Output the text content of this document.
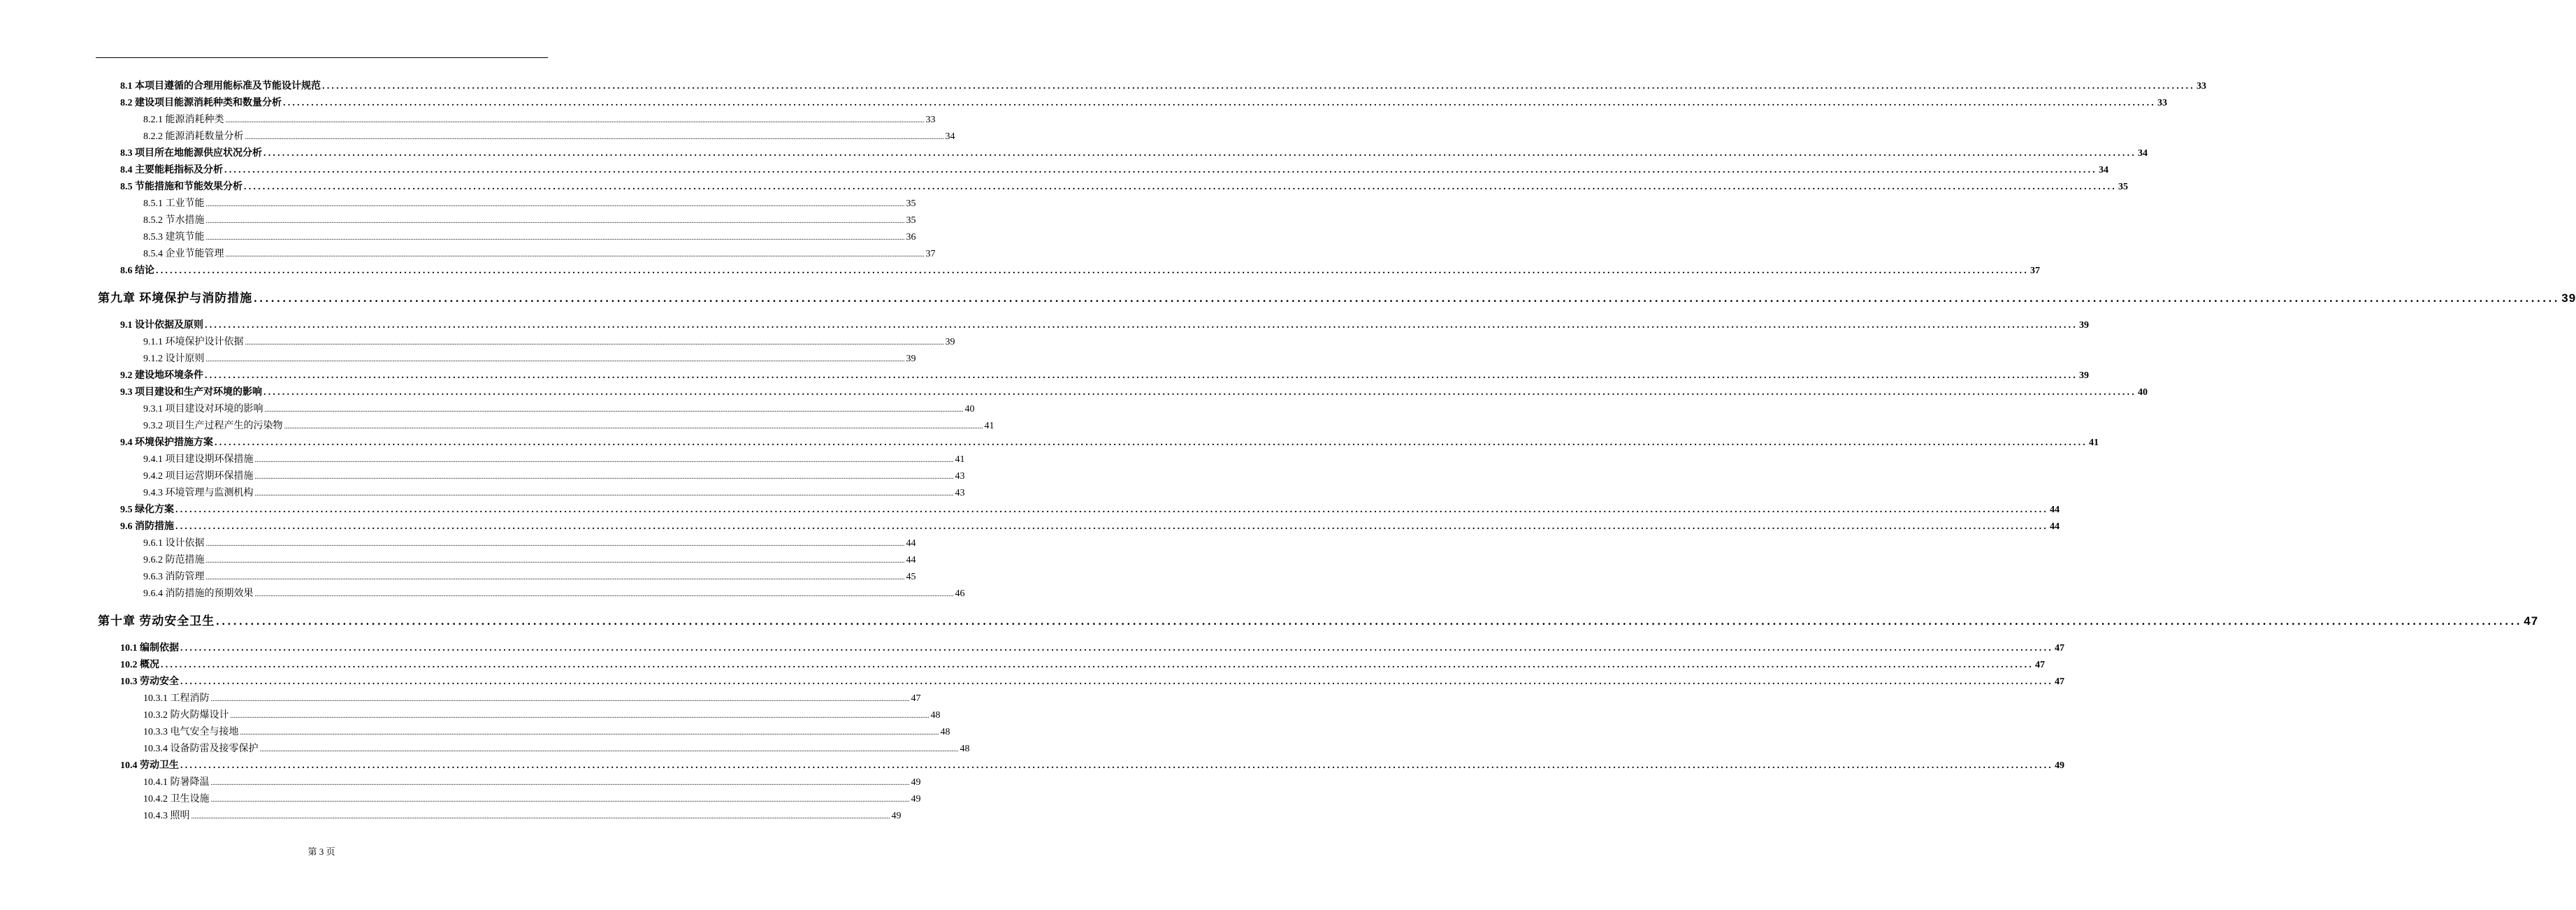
8.1 本项目遵循的合理用能标准及节能设计规范 ................................................................................................................................................................................................................................................................................................................................................................................................................ 33
8.2 建设项目能源消耗种类和数量分析 ................................................................................................................................................................................................................................................................................................................................................................................................................ 33
8.2.1 能源消耗种类 ................................................................................................................................................................................................................................................................................................................................................................................................................ 33
8.2.2 能源消耗数量分析 ................................................................................................................................................................................................................................................................................................................................................................................................................ 34
8.3 项目所在地能源供应状况分析 ................................................................................................................................................................................................................................................................................................................................................................................................................ 34
8.4 主要能耗指标及分析 ................................................................................................................................................................................................................................................................................................................................................................................................................ 34
8.5 节能措施和节能效果分析 ................................................................................................................................................................................................................................................................................................................................................................................................................ 35
8.5.1 工业节能 ................................................................................................................................................................................................................................................................................................................................................................................................................ 35
8.5.2 节水措施 ................................................................................................................................................................................................................................................................................................................................................................................................................ 35
8.5.3 建筑节能 ................................................................................................................................................................................................................................................................................................................................................................................................................ 36
8.5.4 企业节能管理 ................................................................................................................................................................................................................................................................................................................................................................................................................ 37
8.6 结论 ................................................................................................................................................................................................................................................................................................................................................................................................................ 37
第九章 环境保护与消防措施 ................................................................................................................................................................................................................................................................................................................................................................................................................ 39
9.1 设计依据及原则 ................................................................................................................................................................................................................................................................................................................................................................................................................ 39
9.1.1 环境保护设计依据 ................................................................................................................................................................................................................................................................................................................................................................................................................ 39
9.1.2 设计原则 ................................................................................................................................................................................................................................................................................................................................................................................................................ 39
9.2 建设地环境条件 ................................................................................................................................................................................................................................................................................................................................................................................................................ 39
9.3 项目建设和生产对环境的影响 ................................................................................................................................................................................................................................................................................................................................................................................................................ 40
9.3.1 项目建设对环境的影响 ................................................................................................................................................................................................................................................................................................................................................................................................................ 40
9.3.2 项目生产过程产生的污染物 ................................................................................................................................................................................................................................................................................................................................................................................................................ 41
9.4 环境保护措施方案 ................................................................................................................................................................................................................................................................................................................................................................................................................ 41
9.4.1 项目建设期环保措施 ................................................................................................................................................................................................................................................................................................................................................................................................................ 41
9.4.2 项目运营期环保措施 ................................................................................................................................................................................................................................................................................................................................................................................................................ 43
9.4.3 环境管理与监测机构 ................................................................................................................................................................................................................................................................................................................................................................................................................ 43
9.5 绿化方案 ................................................................................................................................................................................................................................................................................................................................................................................................................ 44
9.6 消防措施 ................................................................................................................................................................................................................................................................................................................................................................................................................ 44
9.6.1 设计依据 ................................................................................................................................................................................................................................................................................................................................................................................................................ 44
9.6.2 防范措施 ................................................................................................................................................................................................................................................................................................................................................................................................................ 44
9.6.3 消防管理 ................................................................................................................................................................................................................................................................................................................................................................................................................ 45
9.6.4 消防措施的预期效果 ................................................................................................................................................................................................................................................................................................................................................................................................................ 46
第十章 劳动安全卫生 ................................................................................................................................................................................................................................................................................................................................................................................................................ 47
10.1 编制依据 ................................................................................................................................................................................................................................................................................................................................................................................................................ 47
10.2 概况 ................................................................................................................................................................................................................................................................................................................................................................................................................ 47
10.3 劳动安全 ................................................................................................................................................................................................................................................................................................................................................................................................................ 47
10.3.1 工程消防 ................................................................................................................................................................................................................................................................................................................................................................................................................ 47
10.3.2 防火防爆设计 ................................................................................................................................................................................................................................................................................................................................................................................................................ 48
10.3.3 电气安全与接地 ................................................................................................................................................................................................................................................................................................................................................................................................................ 48
10.3.4 设备防雷及接零保护 ................................................................................................................................................................................................................................................................................................................................................................................................................ 48
10.4 劳动卫生 ................................................................................................................................................................................................................................................................................................................................................................................................................ 49
10.4.1 防暑降温 ................................................................................................................................................................................................................................................................................................................................................................................................................ 49
10.4.2 卫生设施 ................................................................................................................................................................................................................................................................................................................................................................................................................ 49
10.4.3 照明 ................................................................................................................................................................................................................................................................................................................................................................................................................ 49
第 3 页
